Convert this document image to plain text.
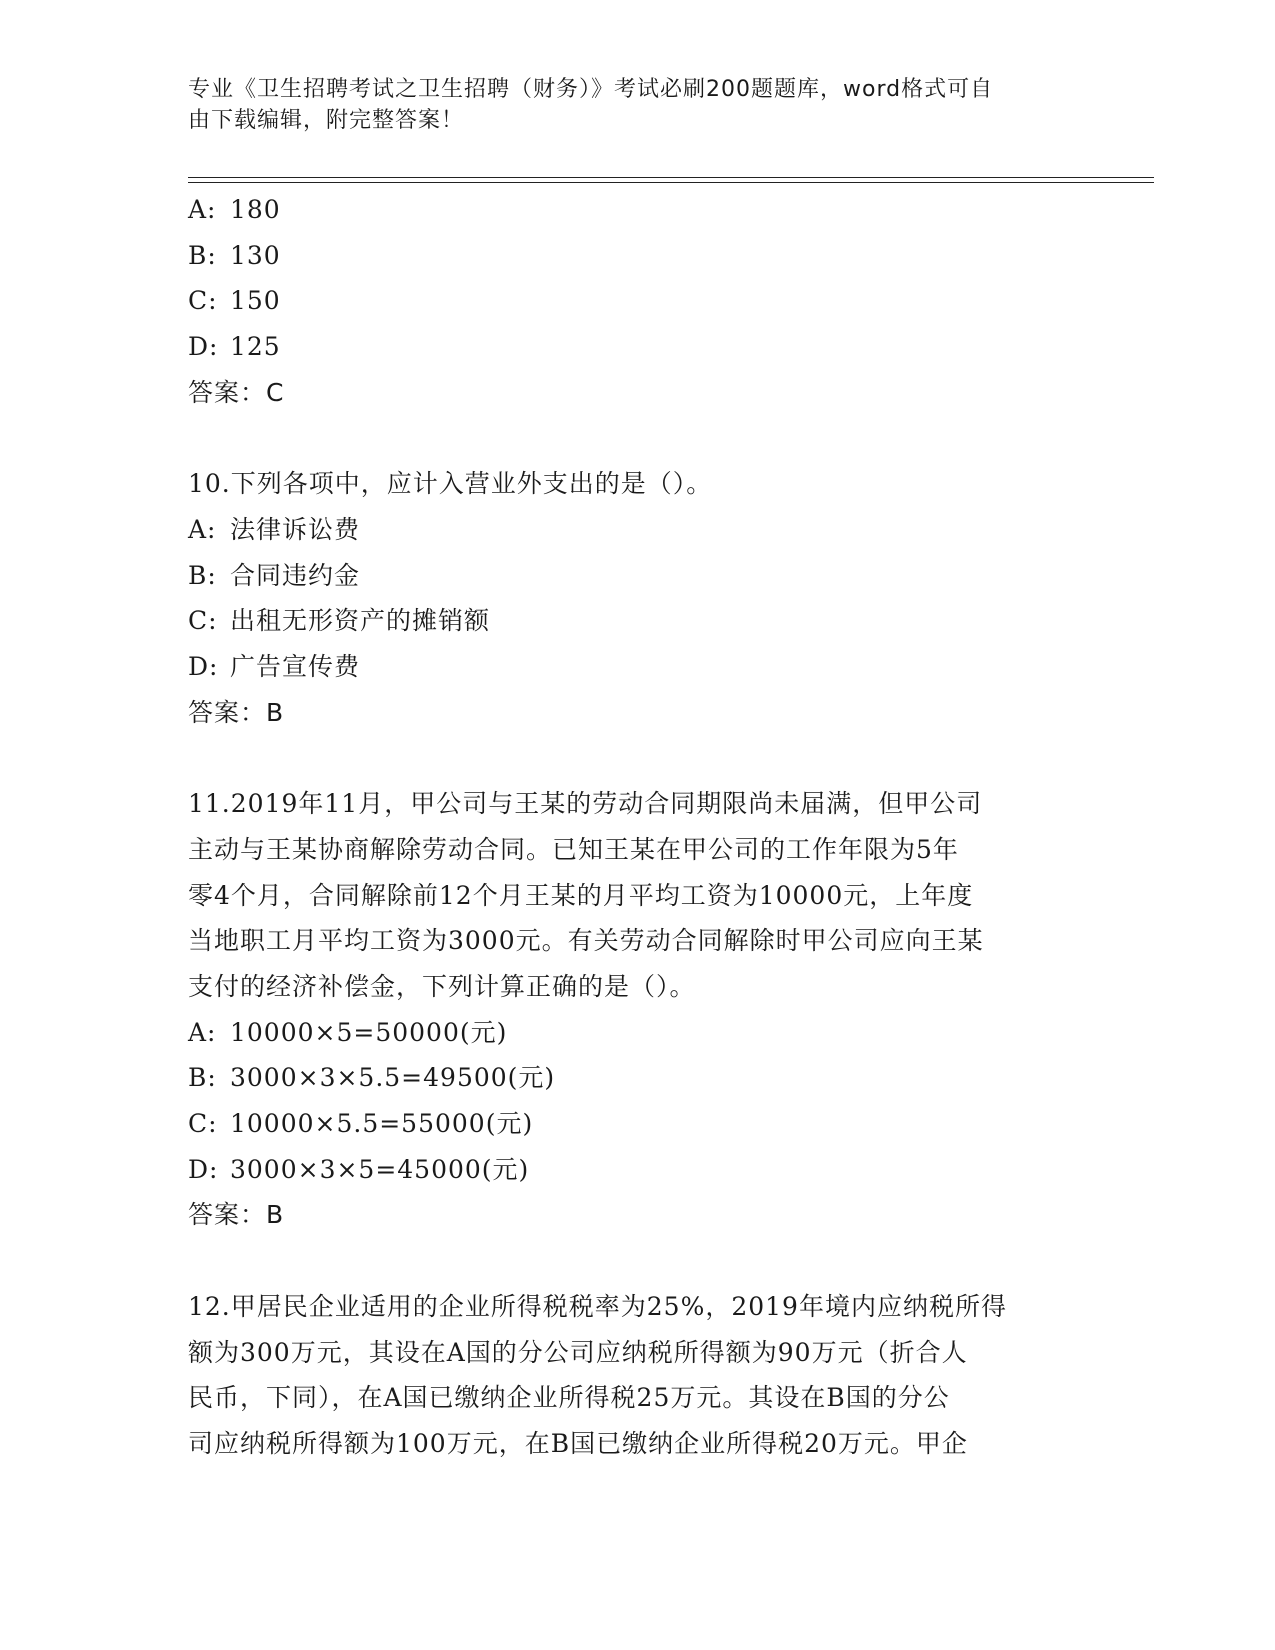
专业《卫生招聘考试之卫生招聘（财务）》考试必刷200题题库，word格式可自
由下载编辑，附完整答案！
A: 180
B: 130
C: 150
D: 125
答案：C
10.下列各项中，应计入营业外支出的是（）。
A: 法律诉讼费
B: 合同违约金
C: 出租无形资产的摊销额
D: 广告宣传费
答案：B
11.2019年11月，甲公司与王某的劳动合同期限尚未届满，但甲公司
主动与王某协商解除劳动合同。已知王某在甲公司的工作年限为5年
零4个月，合同解除前12个月王某的月平均工资为10000元，上年度
当地职工月平均工资为3000元。有关劳动合同解除时甲公司应向王某
支付的经济补偿金，下列计算正确的是（）。
A: 10000×5=50000(元)
B: 3000×3×5.5=49500(元)
C: 10000×5.5=55000(元)
D: 3000×3×5=45000(元)
答案：B
12.甲居民企业适用的企业所得税税率为25%，2019年境内应纳税所得
额为300万元，其设在A国的分公司应纳税所得额为90万元（折合人
民币，下同），在A国已缴纳企业所得税25万元。其设在B国的分公
司应纳税所得额为100万元，在B国已缴纳企业所得税20万元。甲企
